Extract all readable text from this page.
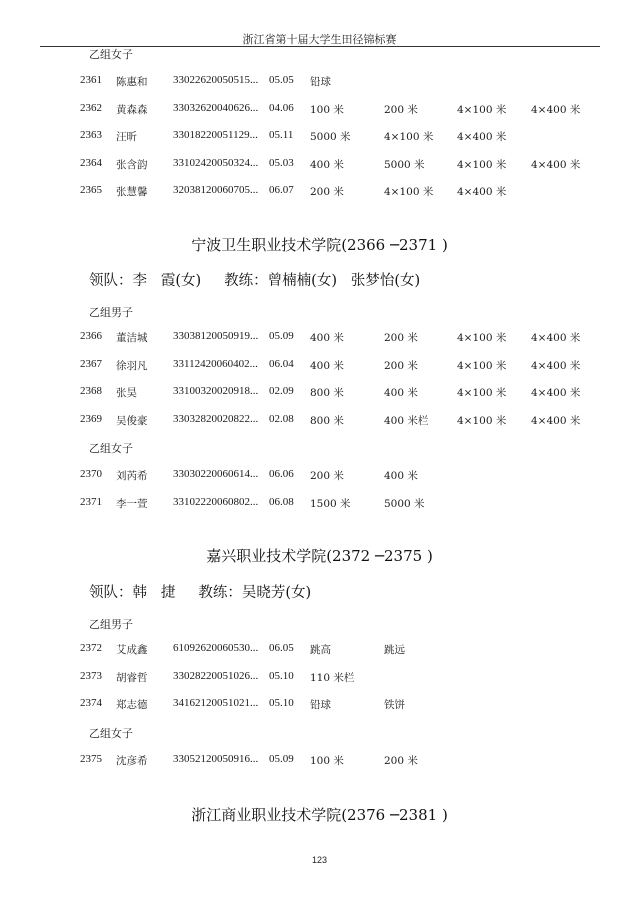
浙江省第十届大学生田径锦标赛
乙组女子
2361 陈惠和 33022620050515... 05.05 铅球
2362 黄森森 33032620040626... 04.06 100 米	200 米	4×100 米 4×400 米
2363 汪昕	33018220051129... 05.11 5000 米	4×100 米 4×400 米
2364 张含韵 33102420050324... 05.03 400 米	5000 米	4×100 米 4×400 米
2365 张慧馨 32038120060705... 06.07 200 米	4×100 米 4×400 米
宁波卫生职业技术学院(2366 ─2371 )
领队：李   霞(女)     教练：曾楠楠(女)   张梦怡(女)
乙组男子
2366 董洁城 33038120050919... 05.09 400 米	200 米	4×100 米 4×400 米
2367 徐羽凡 33112420060402... 06.04 400 米	200 米	4×100 米 4×400 米
2368 张昊	33100320020918... 02.09 800 米	400 米	4×100 米 4×400 米
2369 吴俊豪 33032820020822... 02.08 800 米	400 米栏	4×100 米 4×400 米
乙组女子
2370 刘芮希 33030220060614... 06.06 200 米	400 米
2371 李一萱 33102220060802... 06.08 1500 米	5000 米
嘉兴职业技术学院(2372 ─2375 )
领队：韩   捷     教练：吴晓芳(女)
乙组男子
2372 艾成鑫 61092620060530... 06.05 跳高	跳远
2373 胡睿哲 33028220051026... 05.10 110 米栏
2374 郑志德 34162120051021... 05.10 铅球	铁饼
乙组女子
2375 沈彦希 33052120050916... 05.09 100 米	200 米
浙江商业职业技术学院(2376 ─2381 )
123
